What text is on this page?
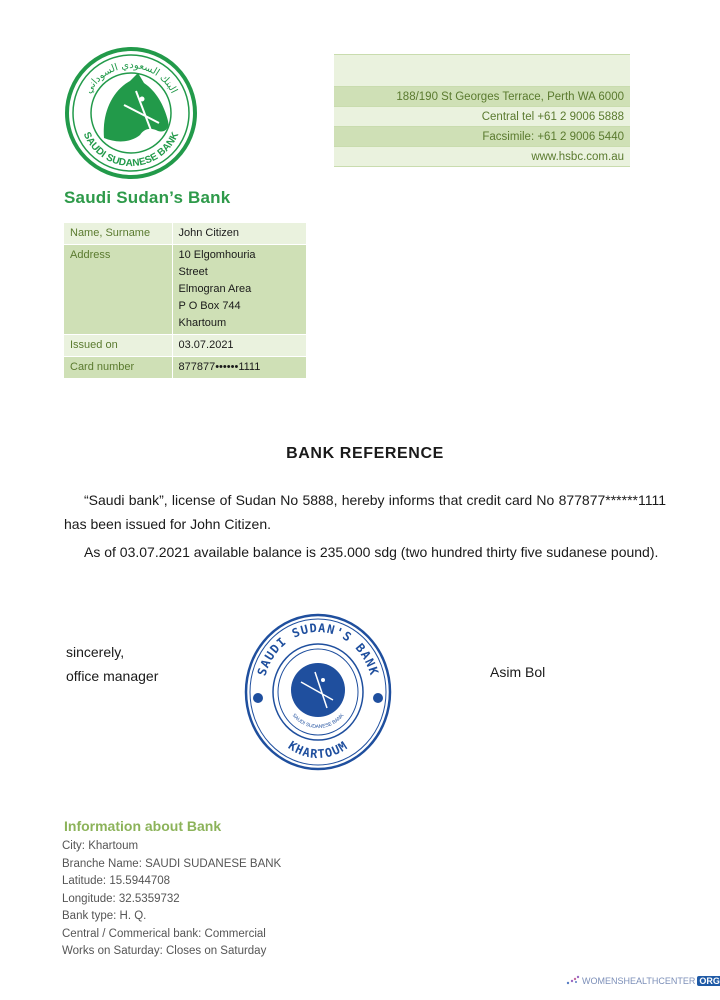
البنك السعودي السوداني
SAUDI SUDANESE BANK
Saudi Sudan’s Bank
188/190 St Georges Terrace, Perth WA 6000
Central tel +61 2 9006 5888
Facsimile: +61 2 9006 5440
www.hsbc.com.au
Name, Surname	John Citizen
Address	10 Elgomhouria
Street
Elmogran Area
P O Box 744
Khartoum

Issued on	03.07.2021
Card number	877877••••••1111
BANK REFERENCE

“Saudi bank”, license of Sudan No 5888, hereby informs that credit card No 877877******1111 has been issued for John Citizen.

As of 03.07.2021 available balance is 235.000 sdg (two hundred thirty five sudanese pound).

sincerely,
office manager	SAUDI SUDAN'S BANK
KHARTOUM
SAUDI SUDANESE BANK
Asim Bol
Information about Bank
City: Khartoum
Branche Name: SAUDI SUDANESE BANK
Latitude: 15.5944708
Longitude: 32.5359732
Bank type: H. Q.
Central / Commerical bank: Commercial
Works on Saturday: Closes on Saturday
WOMENSHEALTHCENTER ORG
